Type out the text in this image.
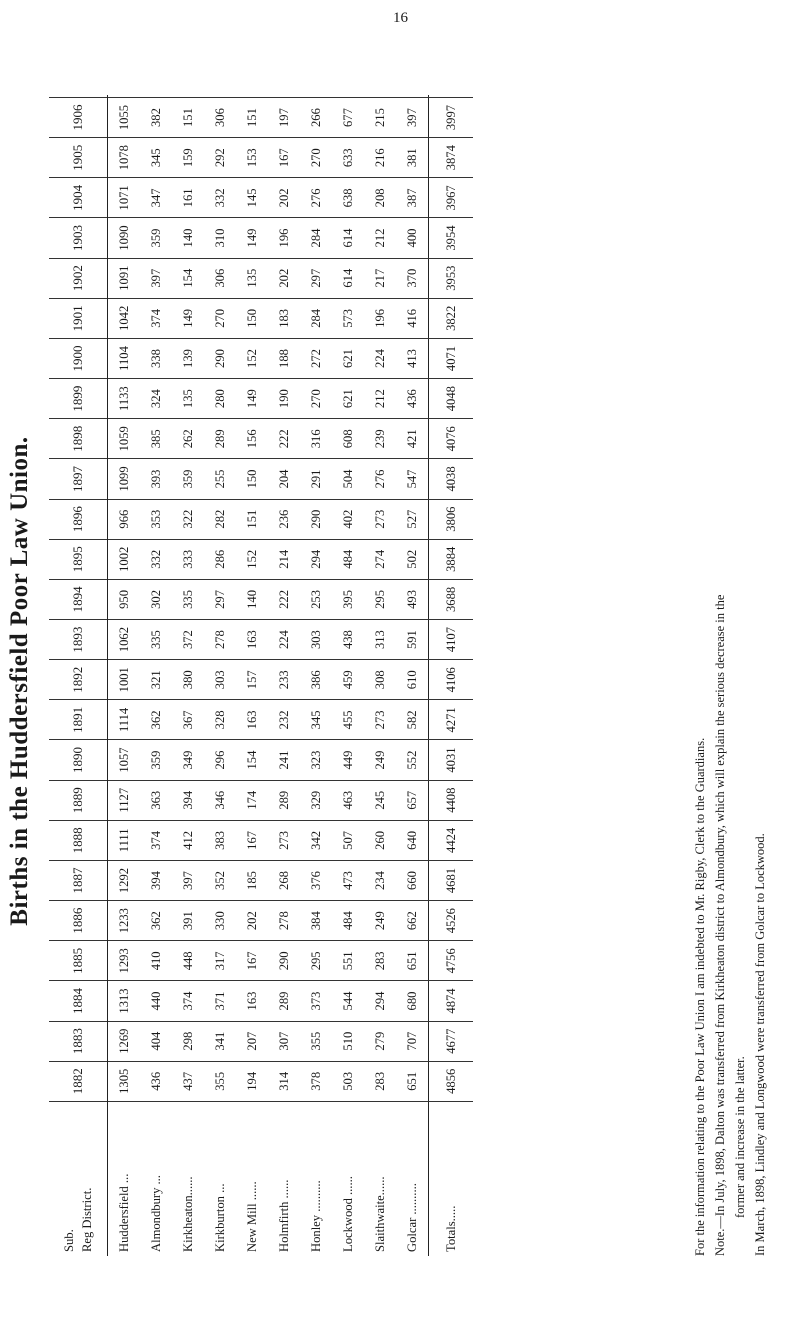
16
Births in the Huddersfield Poor Law Union.
Sub. Reg District.	1882	1883	1884	1885	1886	1887	1888	1889	1890	1891	1892	1893	1894	1895	1896	1897	1898	1899	1900	1901	1902	1903	1904	1905	1906	
Huddersfield ...	1305	1269	1313	1293	1233	1292	1111	1127	1057	1114	1001	1062	950	1002	966	1099	1059	1133	1104	1042	1091	1090	1071	1078	1055	
Almondbury ...	436	404	440	410	362	394	374	363	359	362	321	335	302	332	353	393	385	324	338	374	397	359	347	345	382	
Kirkheaton......	437	298	374	448	391	397	412	394	349	367	380	372	335	333	322	359	262	135	139	149	154	140	161	159	151	
Kirkburton ...	355	341	371	317	330	352	383	346	296	328	303	278	297	286	282	255	289	280	290	270	306	310	332	292	306	
New Mill ......	194	207	163	167	202	185	167	174	154	163	157	163	140	152	151	150	156	149	152	150	135	149	145	153	151	
Holmfirth ......	314	307	289	290	278	268	273	289	241	232	233	224	222	214	236	204	222	190	188	183	202	196	202	167	197	
Honley ..........	378	355	373	295	384	376	342	329	323	345	386	303	253	294	290	291	316	270	272	284	297	284	276	270	266	
Lockwood ......	503	510	544	551	484	473	507	463	449	455	459	438	395	484	402	504	608	621	621	573	614	614	638	633	677	
Slaithwaite......	283	279	294	283	249	234	260	245	249	273	308	313	295	274	273	276	239	212	224	196	217	212	208	216	215	
Golcar ..........	651	707	680	651	662	660	640	657	552	582	610	591	493	502	527	547	421	436	413	416	370	400	387	381	397	
Totals.....	4856	4677	4874	4756	4526	4681	4424	4408	4031	4271	4106	4107	3688	3884	3806	4038	4076	4048	4071	3822	3953	3954	3967	3874	3997	

For the information relating to the Poor Law Union I am indebted to Mr. Rigby, Clerk to the Guardians. Note.—In July, 1898, Dalton was transferred from Kirkheaton district to Almondbury, which will explain the serious decrease in the former and increase in the latter. In March, 1898, Lindley and Longwood were transferred from Golcar to Lockwood.
